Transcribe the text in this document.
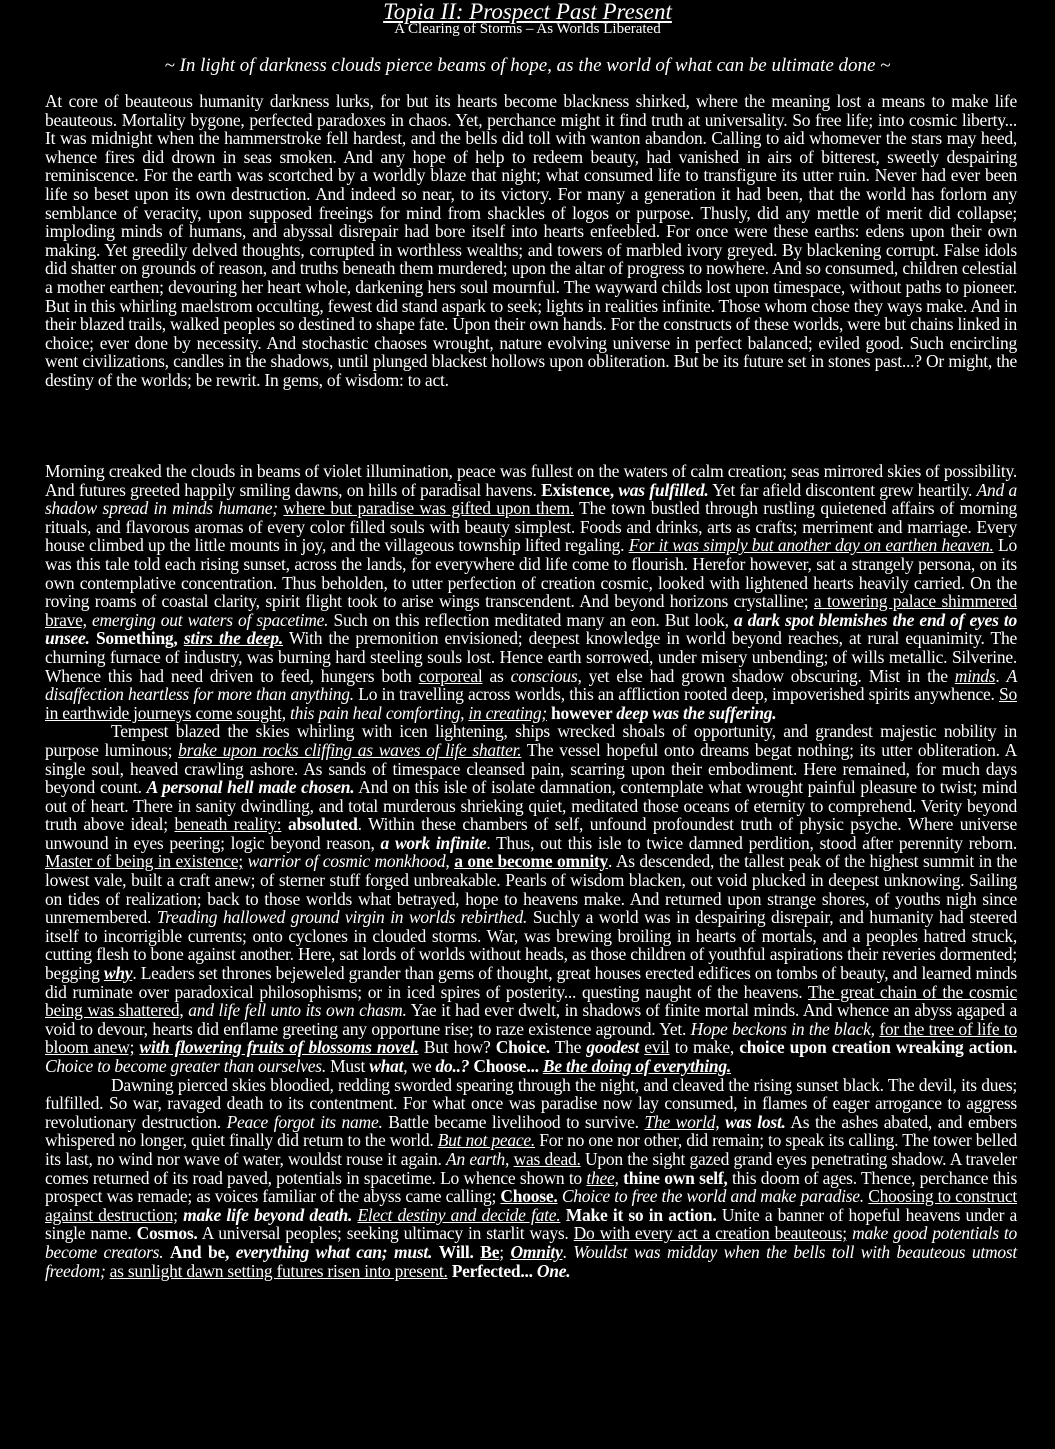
Topia II: Prospect Past Present
A Clearing of Storms – As Worlds Liberated
~ In light of darkness clouds pierce beams of hope, as the world of what can be ultimate done ~

At core of beauteous humanity darkness lurks, for but its hearts become blackness shirked, where the meaning lost a means to make life beauteous. Mortality bygone, perfected paradoxes in chaos. Yet, perchance might it find truth at universality. So free life; into cosmic liberty... It was midnight when the hammerstroke fell hardest, and the bells did toll with wanton abandon. Calling to aid whomever the stars may heed, whence fires did drown in seas smoken. And any hope of help to redeem beauty, had vanished in airs of bitterest, sweetly despairing reminiscence. For the earth was scortched by a worldly blaze that night; what consumed life to transfigure its utter ruin. Never had ever been life so beset upon its own destruction. And indeed so near, to its victory. For many a generation it had been, that the world has forlorn any semblance of veracity, upon supposed freeings for mind from shackles of logos or purpose. Thusly, did any mettle of merit did collapse; imploding minds of humans, and abyssal disrepair had bore itself into hearts enfeebled. For once were these earths: edens upon their own making. Yet greedily delved thoughts, corrupted in worthless wealths; and towers of marbled ivory greyed. By blackening corrupt. False idols did shatter on grounds of reason, and truths beneath them murdered; upon the altar of progress to nowhere. And so consumed, children celestial a mother earthen; devouring her heart whole, darkening hers soul mournful. The wayward childs lost upon timespace, without paths to pioneer. But in this whirling maelstrom occulting, fewest did stand aspark to seek; lights in realities infinite. Those whom chose they ways make. And in their blazed trails, walked peoples so destined to shape fate. Upon their own hands. For the constructs of these worlds, were but chains linked in choice; ever done by necessity. And stochastic chaoses wrought, nature evolving universe in perfect balanced; eviled good. Such encircling went civilizations, candles in the shadows, until plunged blackest hollows upon obliteration. But be its future set in stones past...? Or might, the destiny of the worlds; be rewrit. In gems, of wisdom: to act.

Morning creaked the clouds in beams of violet illumination, peace was fullest on the waters of calm creation; seas mirrored skies of possibility. And futures greeted happily smiling dawns, on hills of paradisal havens. Existence, was fulfilled. Yet far afield discontent grew heartily. And a shadow spread in minds humane; where but paradise was gifted upon them. The town bustled through rustling quietened affairs of morning rituals, and flavorous aromas of every color filled souls with beauty simplest. Foods and drinks, arts as crafts; merriment and marriage. Every house climbed up the little mounts in joy, and the villageous township lifted regaling. For it was simply but another day on earthen heaven. Lo was this tale told each rising sunset, across the lands, for everywhere did life come to flourish. Herefor however, sat a strangely persona, on its own contemplative concentration. Thus beholden, to utter perfection of creation cosmic, looked with lightened hearts heavily carried. On the roving roams of coastal clarity, spirit flight took to arise wings transcendent. And beyond horizons crystalline; a towering palace shimmered brave, emerging out waters of spacetime. Such on this reflection meditated many an eon. But look, a dark spot blemishes the end of eyes to unsee. Something, stirs the deep. With the premonition envisioned; deepest knowledge in world beyond reaches, at rural equanimity. The churning furnace of industry, was burning hard steeling souls lost. Hence earth sorrowed, under misery unbending; of wills metallic. Silverine. Whence this had need driven to feed, hungers both corporeal as conscious, yet else had grown shadow obscuring. Mist in the minds. A disaffection heartless for more than anything. Lo in travelling across worlds, this an affliction rooted deep, impoverished spirits anywhence. So in earthwide journeys come sought, this pain heal comforting, in creating; however deep was the suffering.

Tempest blazed the skies whirling with icen lightening, ships wrecked shoals of opportunity, and grandest majestic nobility in purpose luminous; brake upon rocks cliffing as waves of life shatter. The vessel hopeful onto dreams begat nothing; its utter obliteration. A single soul, heaved crawling ashore. As sands of timespace cleansed pain, scarring upon their embodiment. Here remained, for much days beyond count. A personal hell made chosen. And on this isle of isolate damnation, contemplate what wrought painful pleasure to twist; mind out of heart. There in sanity dwindling, and total murderous shrieking quiet, meditated those oceans of eternity to comprehend. Verity beyond truth above ideal; beneath reality: absoluted. Within these chambers of self, unfound profoundest truth of physic psyche. Where universe unwound in eyes peering; logic beyond reason, a work infinite. Thus, out this isle to twice damned perdition, stood after perennity reborn. Master of being in existence; warrior of cosmic monkhood, a one become omnity. As descended, the tallest peak of the highest summit in the lowest vale, built a craft anew; of sterner stuff forged unbreakable. Pearls of wisdom blacken, out void plucked in deepest unknowing. Sailing on tides of realization; back to those worlds what betrayed, hope to heavens make. And returned upon strange shores, of youths nigh since unremembered. Treading hallowed ground virgin in worlds rebirthed. Suchly a world was in despairing disrepair, and humanity had steered itself to incorrigible currents; onto cyclones in clouded storms. War, was brewing broiling in hearts of mortals, and a peoples hatred struck, cutting flesh to bone against another. Here, sat lords of worlds without heads, as those children of youthful aspirations their reveries dormented; begging why. Leaders set thrones bejeweled grander than gems of thought, great houses erected edifices on tombs of beauty, and learned minds did ruminate over paradoxical philosophisms; or in iced spires of posterity... questing naught of the heavens. The great chain of the cosmic being was shattered, and life fell unto its own chasm. Yae it had ever dwelt, in shadows of finite mortal minds. And whence an abyss agaped a void to devour, hearts did enflame greeting any opportune rise; to raze existence aground. Yet. Hope beckons in the black, for the tree of life to bloom anew; with flowering fruits of blossoms novel. But how? Choice. The goodest evil to make, choice upon creation wreaking action. Choice to become greater than ourselves. Must what, we do..? Choose... Be the doing of everything.

Dawning pierced skies bloodied, redding sworded spearing through the night, and cleaved the rising sunset black. The devil, its dues; fulfilled. So war, ravaged death to its contentment. For what once was paradise now lay consumed, in flames of eager arrogance to aggress revolutionary destruction. Peace forgot its name. Battle became livelihood to survive. The world, was lost. As the ashes abated, and embers whispered no longer, quiet finally did return to the world. But not peace. For no one nor other, did remain; to speak its calling. The tower belled its last, no wind nor wave of water, wouldst rouse it again. An earth, was dead. Upon the sight gazed grand eyes penetrating shadow. A traveler comes returned of its road paved, potentials in spacetime. Lo whence shown to thee, thine own self, this doom of ages. Thence, perchance this prospect was remade; as voices familiar of the abyss came calling; Choose. Choice to free the world and make paradise. Choosing to construct against destruction; make life beyond death. Elect destiny and decide fate. Make it so in action. Unite a banner of hopeful heavens under a single name. Cosmos. A universal peoples; seeking ultimacy in starlit ways. Do with every act a creation beauteous; make good potentials to become creators. And be, everything what can; must. Will. Be; Omnity. Wouldst was midday when the bells toll with beauteous utmost freedom; as sunlight dawn setting futures risen into present. Perfected... One.
